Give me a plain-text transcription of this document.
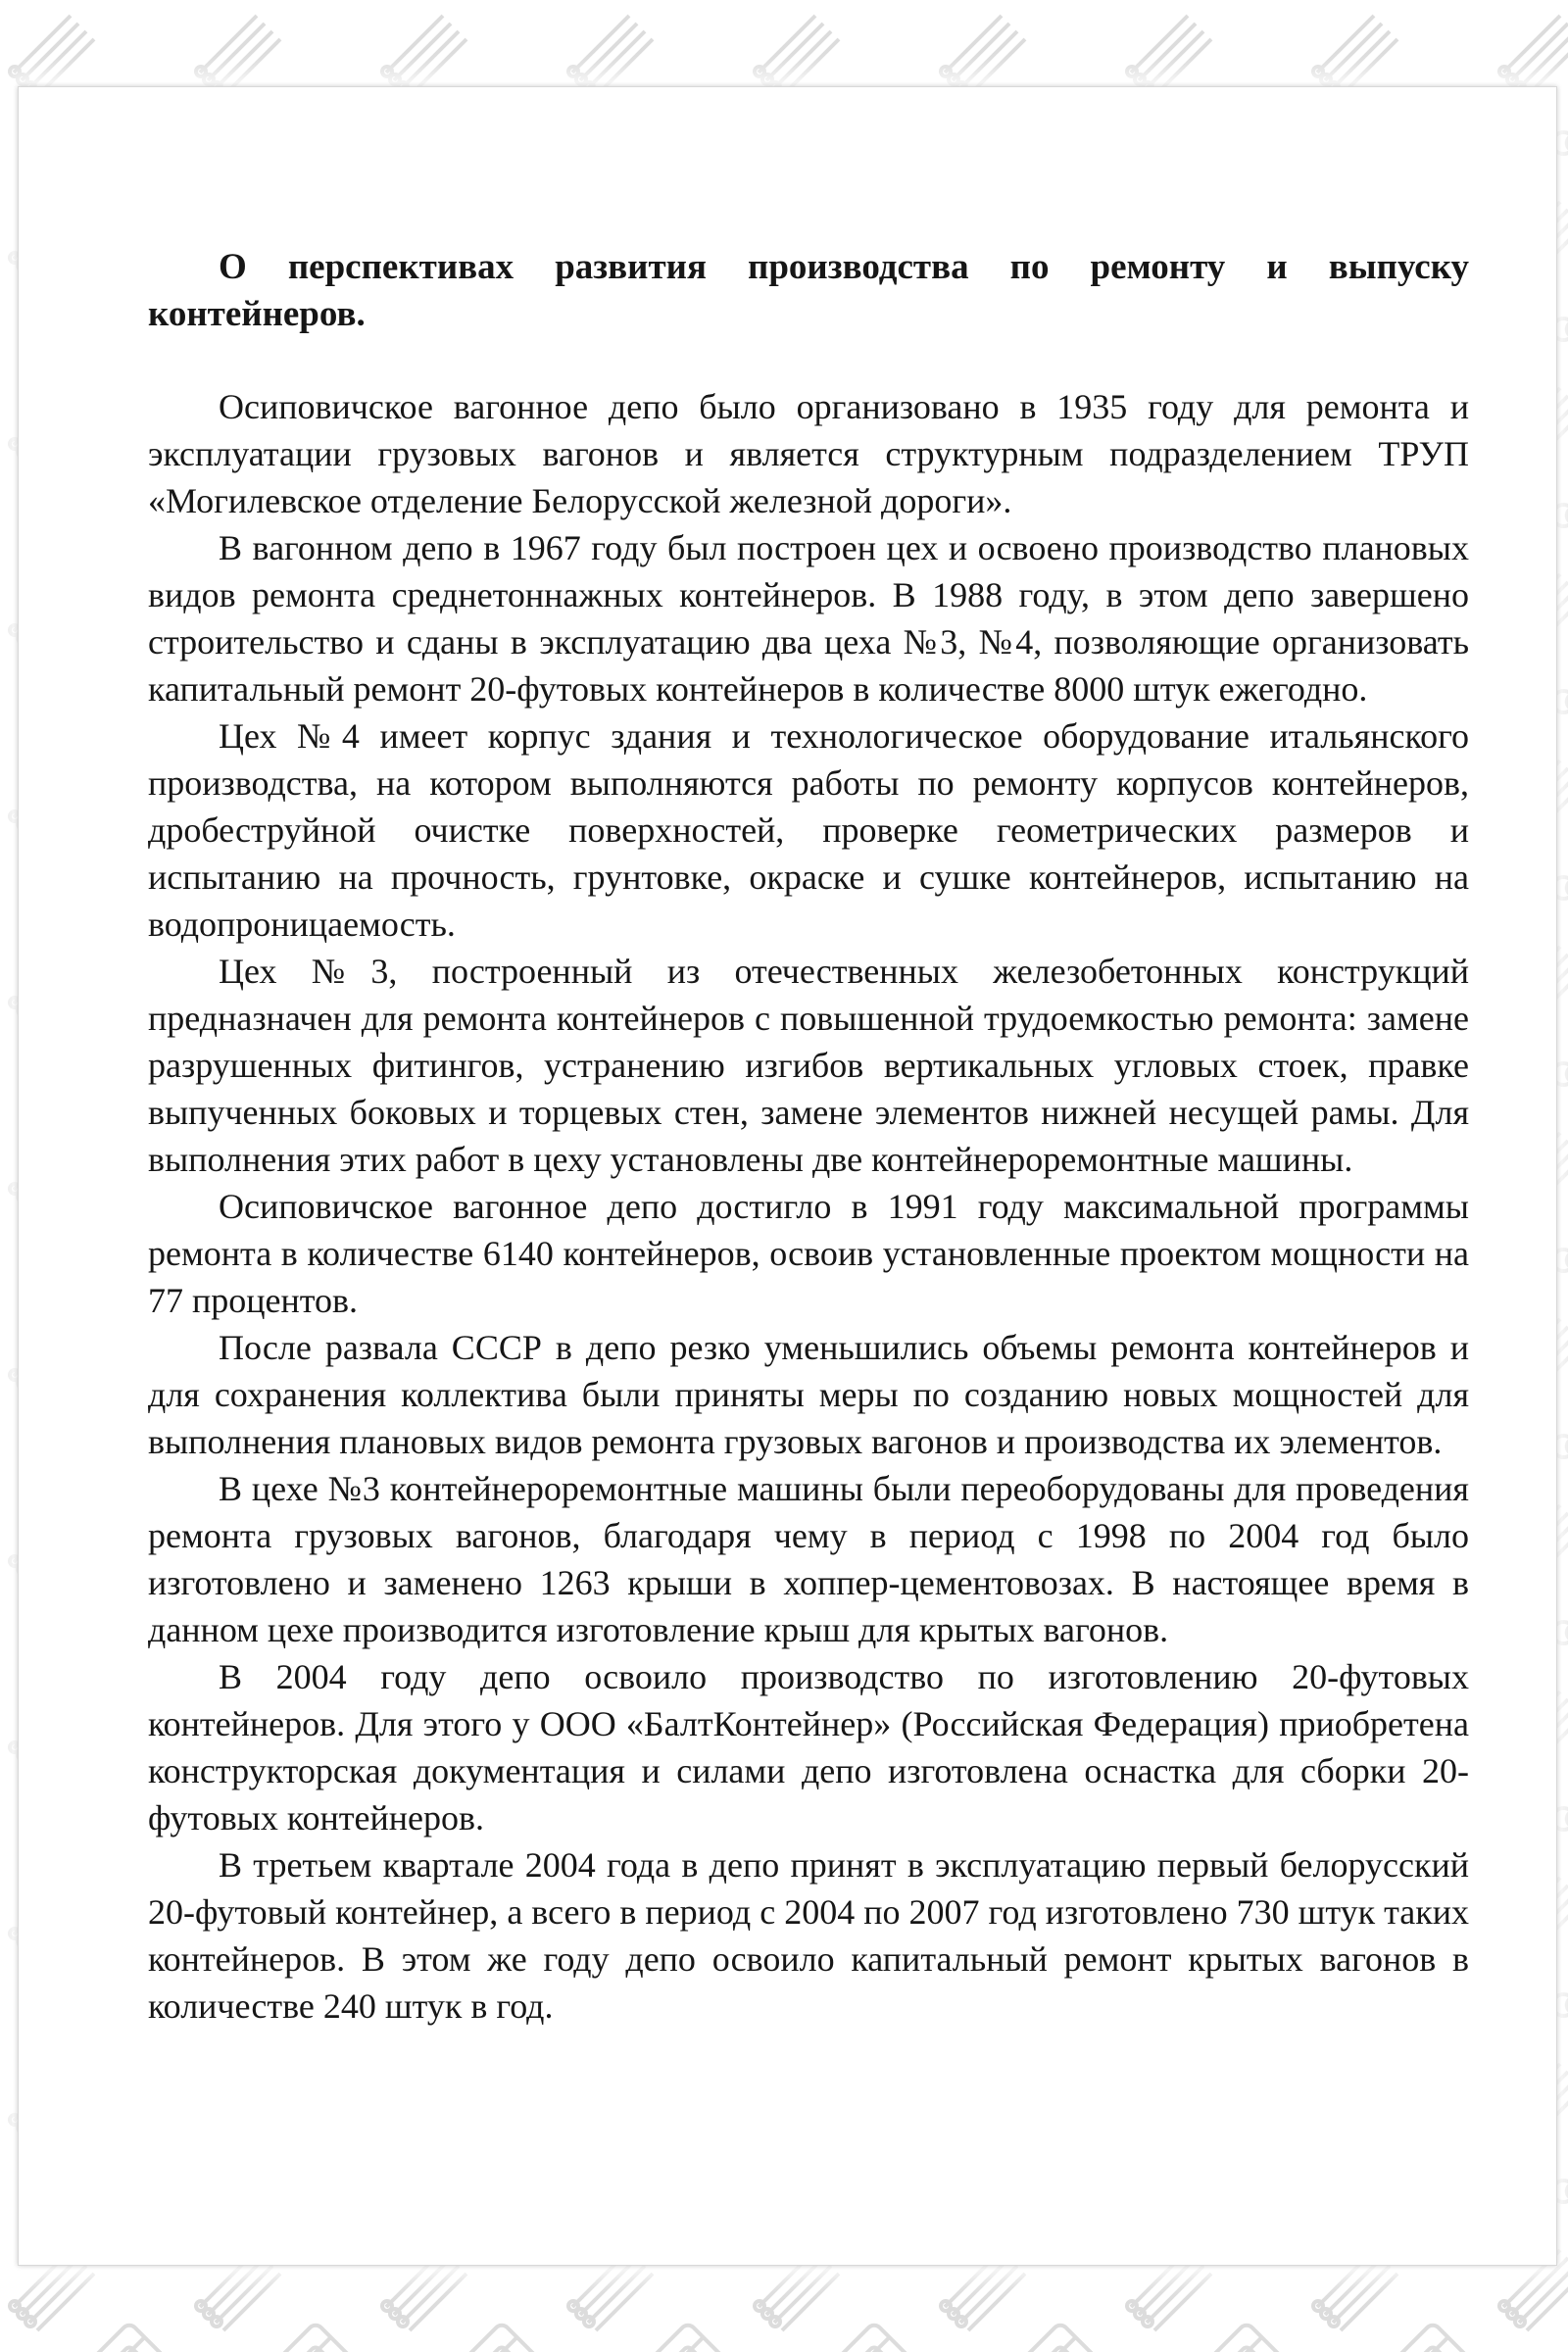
О перспективах развития производства по ремонту и выпуску контейнеров.

Осиповичское вагонное депо было организовано в 1935 году для ремонта и эксплуатации грузовых вагонов и является структурным подразделением ТРУП «Могилевское отделение Белорусской железной дороги».

В вагонном депо в 1967 году был построен цех и освоено производство плановых видов ремонта среднетоннажных контейнеров. В 1988 году, в этом депо завершено строительство и сданы в эксплуатацию два цеха №3, №4, позволяющие организовать капитальный ремонт 20-футовых контейнеров в количестве 8000 штук ежегодно.

Цех №4 имеет корпус здания и технологическое оборудование итальянского производства, на котором выполняются работы по ремонту корпусов контейнеров, дробеструйной очистке поверхностей, проверке геометрических размеров и испытанию на прочность, грунтовке, окраске и сушке контейнеров, испытанию на водопроницаемость.

Цех №3, построенный из отечественных железобетонных конструкций предназначен для ремонта контейнеров с повышенной трудоемкостью ремонта: замене разрушенных фитингов, устранению изгибов вертикальных угловых стоек, правке выпученных боковых и торцевых стен, замене элементов нижней несущей рамы. Для выполнения этих работ в цеху установлены две контейнероремонтные машины.

Осиповичское вагонное депо достигло в 1991 году максимальной программы ремонта в количестве 6140 контейнеров, освоив установленные проектом мощности на 77 процентов.

После развала СССР в депо резко уменьшились объемы ремонта контейнеров и для сохранения коллектива были приняты меры по созданию новых мощностей для выполнения плановых видов ремонта грузовых вагонов и производства их элементов.

В цехе №3 контейнероремонтные машины были переоборудованы для проведения ремонта грузовых вагонов, благодаря чему в период с 1998 по 2004 год было изготовлено и заменено 1263 крыши в хоппер-цементовозах. В настоящее время в данном цехе производится изготовление крыш для крытых вагонов.

В 2004 году депо освоило производство по изготовлению 20-футовых контейнеров. Для этого у ООО «БалтКонтейнер» (Российская Федерация) приобретена конструкторская документация и силами депо изготовлена оснастка для сборки 20-футовых контейнеров.

В третьем квартале 2004 года в депо принят в эксплуатацию первый белорусский 20-футовый контейнер, а всего в период с 2004 по 2007 год изготовлено 730 штук таких контейнеров. В этом же году депо освоило капитальный ремонт крытых вагонов в количестве 240 штук в год.
